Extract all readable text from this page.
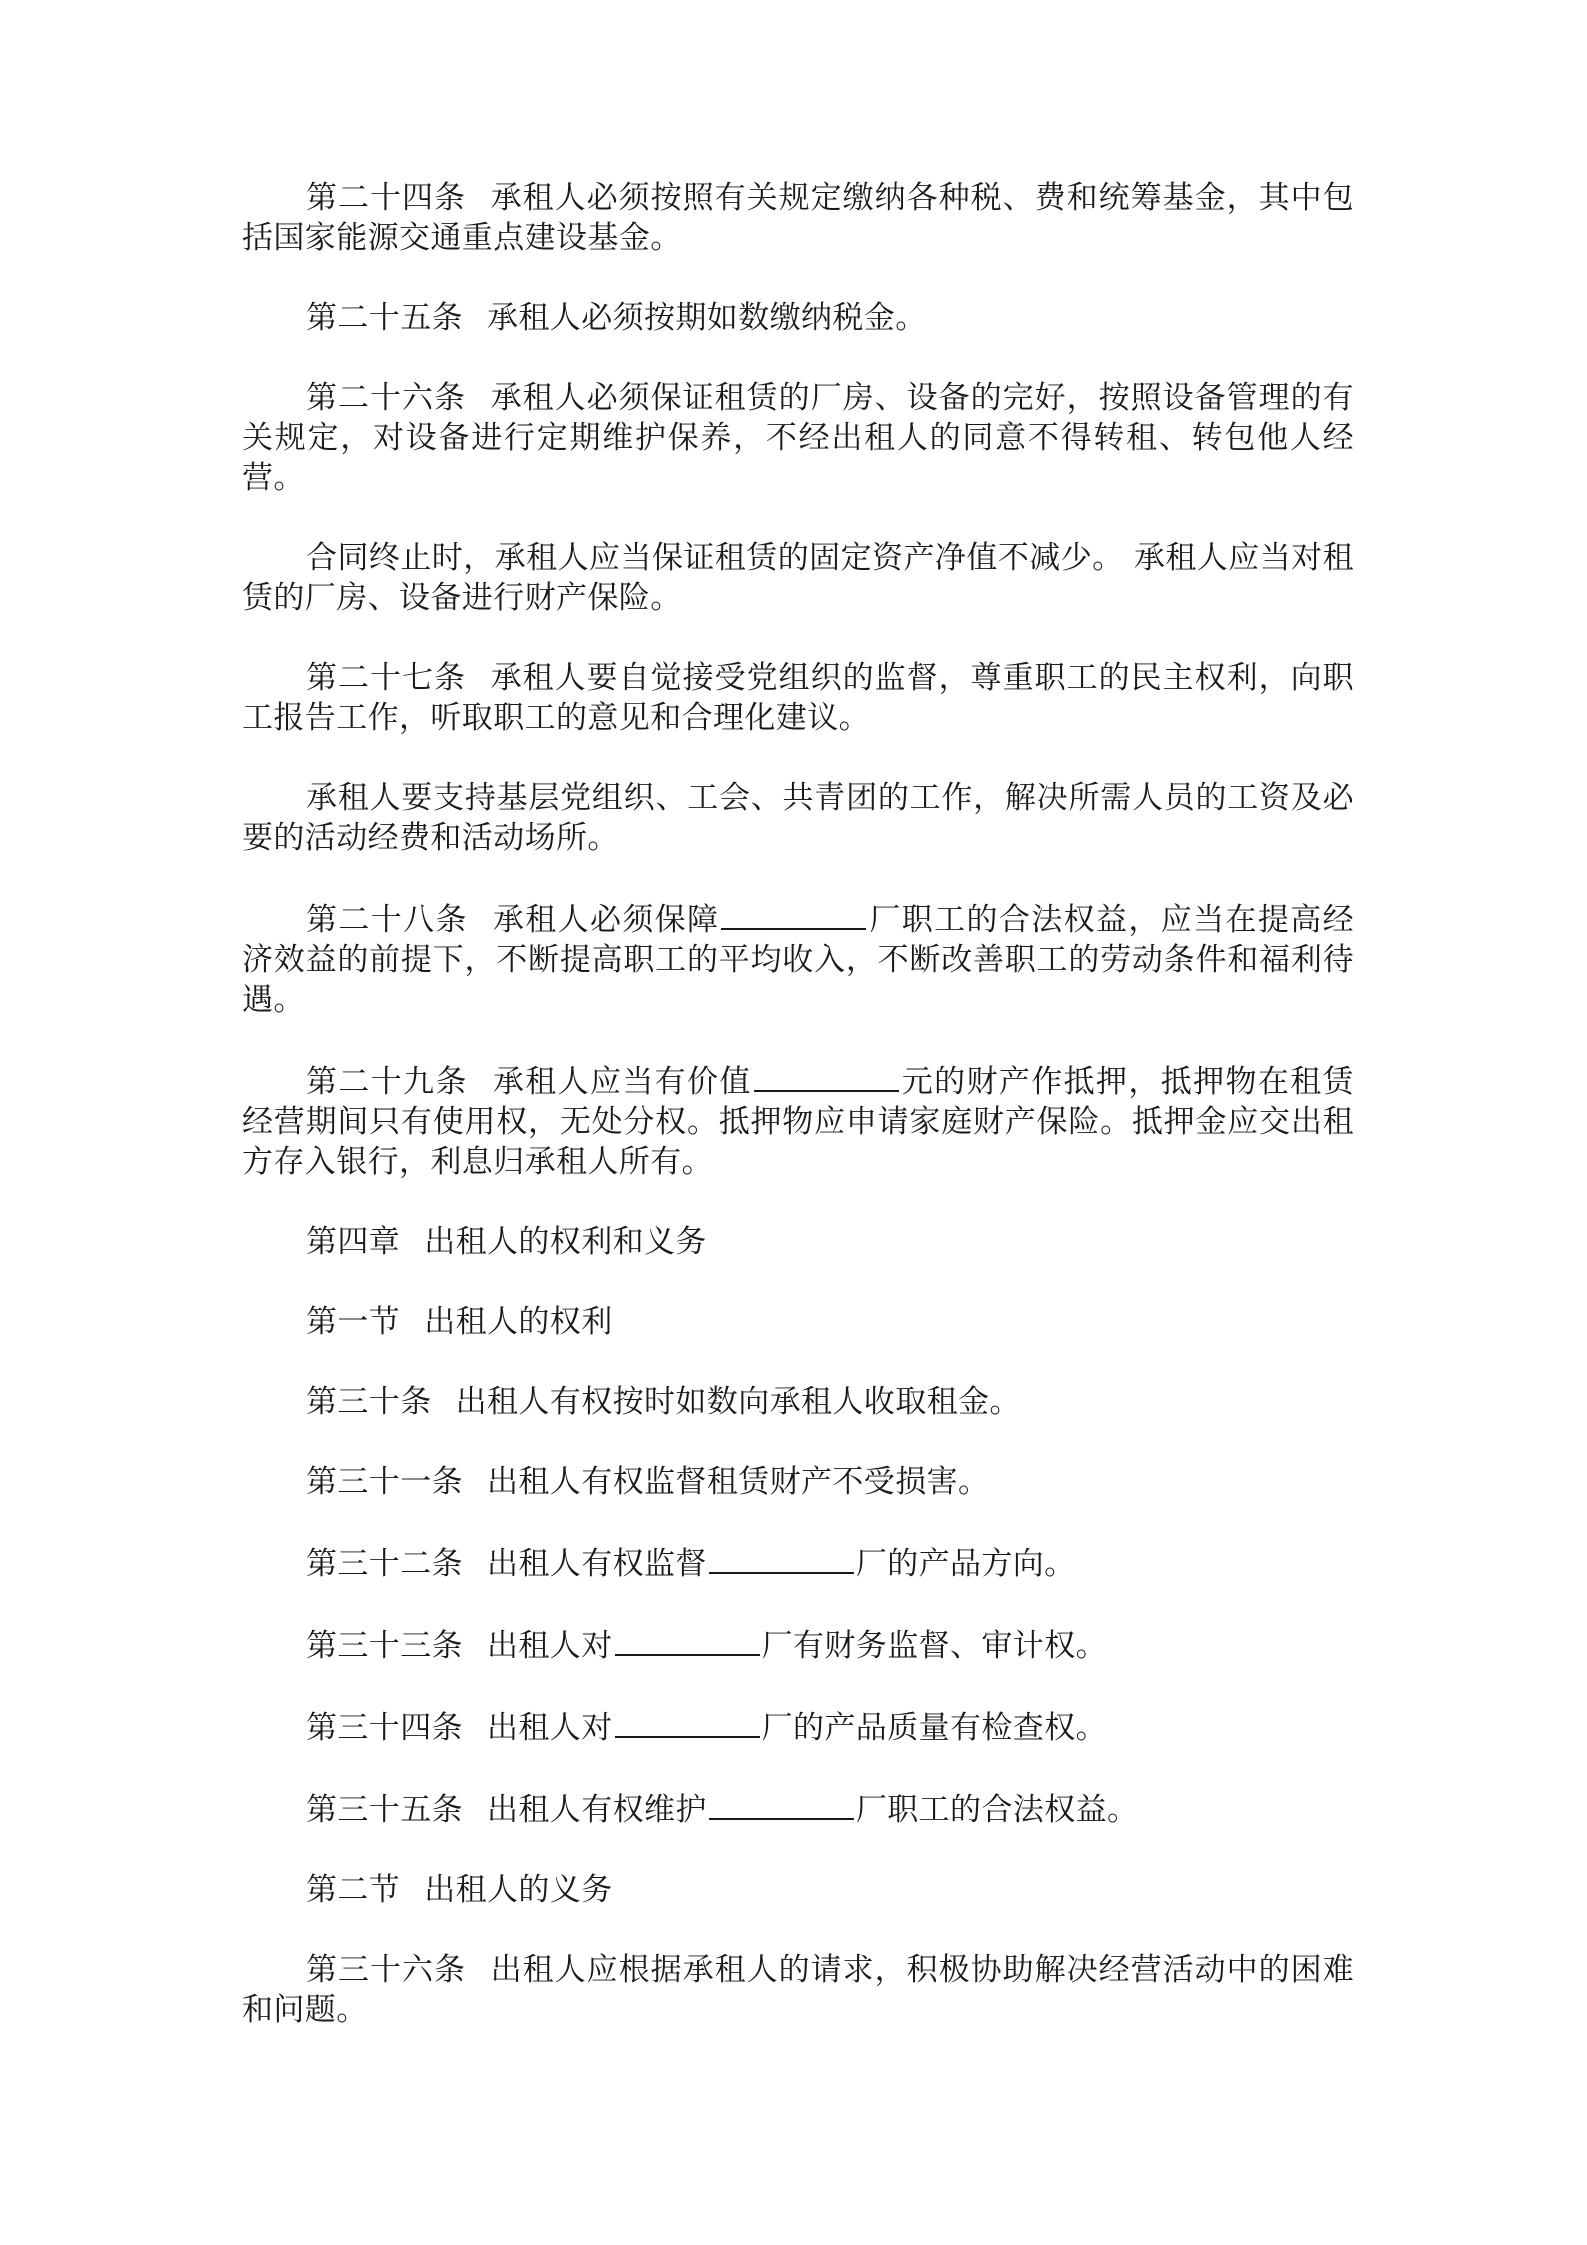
第二十四条 承租人必须按照有关规定缴纳各种税、费和统筹基金，其中包括国家能源交通重点建设基金。

第二十五条 承租人必须按期如数缴纳税金。

第二十六条 承租人必须保证租赁的厂房、设备的完好，按照设备管理的有关规定，对设备进行定期维护保养，不经出租人的同意不得转租、转包他人经营。

合同终止时，承租人应当保证租赁的固定资产净值不减少。 承租人应当对租赁的厂房、设备进行财产保险。

第二十七条 承租人要自觉接受党组织的监督，尊重职工的民主权利，向职工报告工作，听取职工的意见和合理化建议。

承租人要支持基层党组织、工会、共青团的工作，解决所需人员的工资及必要的活动经费和活动场所。

第二十八条 承租人必须保障	厂职工的合法权益，应当在提高经济效益的前提下，不断提高职工的平均收入，不断改善职工的劳动条件和福利待遇。

第二十九条 承租人应当有价值	元的财产作抵押，抵押物在租赁经营期间只有使用权，无处分权。抵押物应申请家庭财产保险。抵押金应交出租方存入银行，利息归承租人所有。

第四章 出租人的权利和义务

第一节 出租人的权利

第三十条 出租人有权按时如数向承租人收取租金。

第三十一条 出租人有权监督租赁财产不受损害。

第三十二条 出租人有权监督	厂的产品方向。

第三十三条 出租人对	厂有财务监督、审计权。

第三十四条 出租人对	厂的产品质量有检查权。

第三十五条 出租人有权维护	厂职工的合法权益。

第二节 出租人的义务

第三十六条 出租人应根据承租人的请求，积极协助解决经营活动中的困难和问题。
